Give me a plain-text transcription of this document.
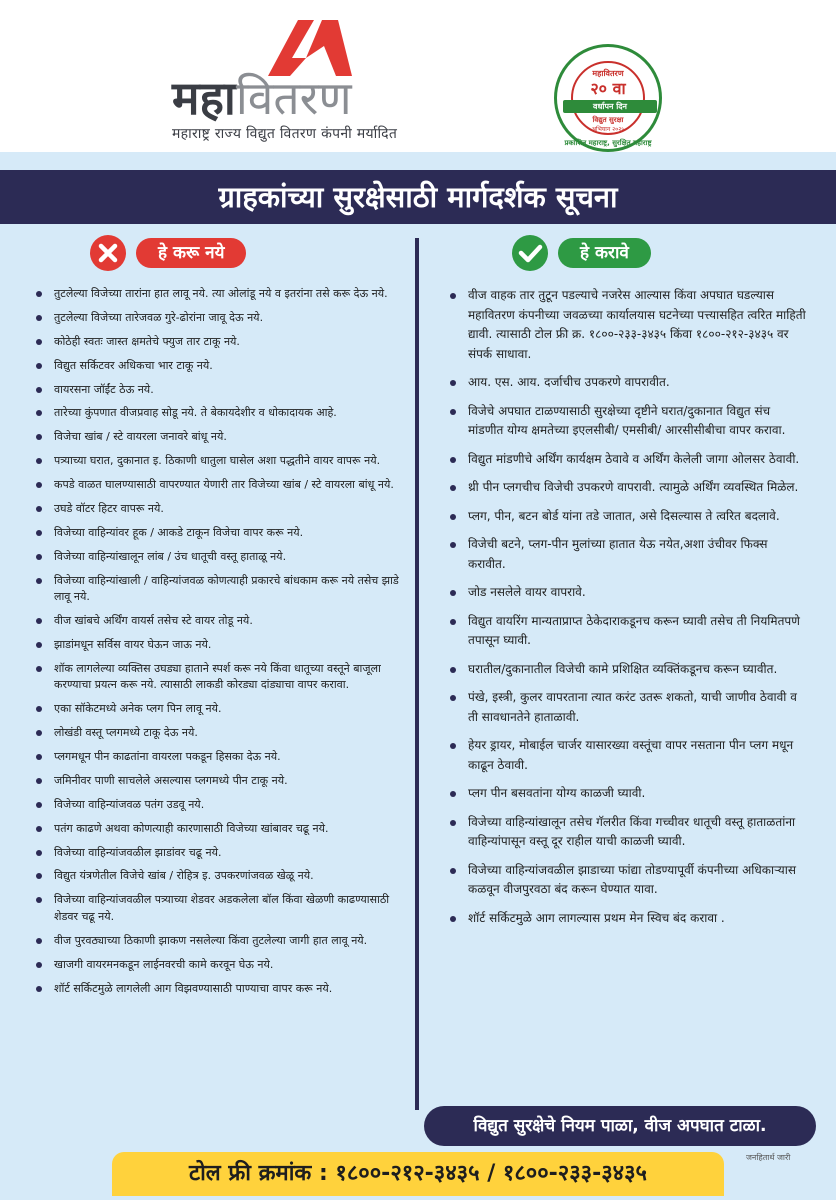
महावितरण
महाराष्ट्र राज्य विद्युत वितरण कंपनी मर्यादित
महावितरण
२० वा
वर्धापन दिन
विद्युत सुरक्षा
अभियान २०२५
प्रकाशित महाराष्ट्र, सुरक्षित महाराष्ट्र
ग्राहकांच्या सुरक्षेसाठी मार्गदर्शक सूचना
हे करू नये	हे करावे
तुटलेल्या विजेच्या तारांना हात लावू नये. त्या ओलांडू नये व इतरांना तसे करू देऊ नये.
तुटलेल्या विजेच्या तारेजवळ गुरे-ढोरांना जावू देऊ नये.
कोठेही स्वतः जास्त क्षमतेचे फ्युज तार टाकू नये.
विद्युत सर्किटवर अधिकचा भार टाकू नये.
वायरसना जॉईंट ठेऊ नये.
तारेच्या कुंपणात वीजप्रवाह सोडू नये. ते बेकायदेशीर व धोकादायक आहे.
विजेचा खांब / स्टे वायरला जनावरे बांधू नये.
पत्र्याच्या घरात, दुकानात इ. ठिकाणी धातुला घासेल अशा पद्धतीने वायर वापरू नये.
कपडे वाळत घालण्यासाठी वापरण्यात येणारी तार विजेच्या खांब / स्टे वायरला बांधू नये.
उघडे वॉटर हिटर वापरू नये.
विजेच्या वाहिन्यांवर हूक / आकडे टाकून विजेचा वापर करू नये.
विजेच्या वाहिन्यांखालून लांब / उंच धातूची वस्तू हाताळू नये.
विजेच्या वाहिन्यांखाली / वाहिन्यांजवळ कोणत्याही प्रकारचे बांधकाम करू नये तसेच झाडे लावू नये.
वीज खांबचे अर्थिंग वायर्स तसेच स्टे वायर तोडू नये.
झाडांमधून सर्विस वायर घेऊन जाऊ नये.
शॉक लागलेल्या व्यक्तिस उघड्या हाताने स्पर्श करू नये किंवा धातूच्या वस्तूने बाजूला करण्याचा प्रयत्न करू नये. त्यासाठी लाकडी कोरड्या दांड्याचा वापर करावा.
एका सॉकेटमध्ये अनेक प्लग पिन लावू नये.
लोखंडी वस्तू प्लगमध्ये टाकू देऊ नये.
प्लगमधून पीन काढतांना वायरला पकडून हिसका देऊ नये.
जमिनीवर पाणी साचलेले असल्यास प्लगमध्ये पीन टाकू नये.
विजेच्या वाहिन्यांजवळ पतंग उडवू नये.
पतंग काढणे अथवा कोणत्याही कारणासाठी विजेच्या खांबावर चढू नये.
विजेच्या वाहिन्यांजवळील झाडांवर चढू नये.
विद्युत यंत्रणेतील विजेचे खांब / रोहित्र इ. उपकरणांजवळ खेळू नये.
विजेच्या वाहिन्यांजवळील पत्र्याच्या शेडवर अडकलेला बॉल किंवा खेळणी काढण्यासाठी शेडवर चढू नये.
वीज पुरवठ्याच्या ठिकाणी झाकण नसलेल्या किंवा तुटलेल्या जागी हात लावू नये.
खाजगी वायरमनकडून लाईनवरची कामे करवून घेऊ नये.
शॉर्ट सर्किटमुळे लागलेली आग विझवण्यासाठी पाण्याचा वापर करू नये.
वीज वाहक तार तुटून पडल्याचे नजरेस आल्यास किंवा अपघात घडल्यास महावितरण कंपनीच्या जवळच्या कार्यालयास घटनेच्या पत्त्यासहित त्वरित माहिती द्यावी. त्यासाठी टोल फ्री क्र. १८००-२३३-३४३५ किंवा १८००-२१२-३४३५ वर संपर्क साधावा.
आय. एस. आय. दर्जाचीच उपकरणे वापरावीत.
विजेचे अपघात टाळण्यासाठी सुरक्षेच्या दृष्टीने घरात/दुकानात विद्युत संच मांडणीत योग्य क्षमतेच्या इएलसीबी/ एमसीबी/ आरसीसीबीचा वापर करावा.
विद्युत मांडणीचे अर्थिंग कार्यक्षम ठेवावे व अर्थिंग केलेली जागा ओलसर ठेवावी.
थ्री पीन प्लगचीच विजेची उपकरणे वापरावी. त्यामुळे अर्थिंग व्यवस्थित मिळेल.
प्लग, पीन, बटन बोर्ड यांना तडे जातात, असे दिसल्यास ते त्वरित बदलावे.
विजेची बटने, प्लग-पीन मुलांच्या हातात येऊ नयेत,अशा उंचीवर फिक्स करावीत.
जोड नसलेले वायर वापरावे.
विद्युत वायरिंग मान्यताप्राप्त ठेकेदाराकडूनच करून घ्यावी तसेच ती नियमितपणे तपासून घ्यावी.
घरातील/दुकानातील विजेची कामे प्रशिक्षित व्यक्तिंकडूनच करून घ्यावीत.
पंखे, इस्त्री, कुलर वापरताना त्यात करंट उतरू शकतो, याची जाणीव ठेवावी व ती सावधानतेने हाताळावी.
हेयर ड्रायर, मोबाईल चार्जर यासारख्या वस्तूंचा वापर नसताना पीन प्लग मधून काढून ठेवावी.
प्लग पीन बसवतांना योग्य काळजी घ्यावी.
विजेच्या वाहिन्यांखालून तसेच गॅलरीत किंवा गच्चीवर धातूची वस्तू हाताळतांना वाहिन्यांपासून वस्तू दूर राहील याची काळजी घ्यावी.
विजेच्या वाहिन्यांजवळील झाडाच्या फांद्या तोडण्यापूर्वी कंपनीच्या अधिकाऱ्यास कळवून वीजपुरवठा बंद करून घेण्यात यावा.
शॉर्ट सर्किटमुळे आग लागल्यास प्रथम मेन स्विच बंद करावा .
विद्युत सुरक्षेचे नियम पाळा, वीज अपघात टाळा.
जनहितार्थ जारी
टोल फ्री क्रमांक : १८००-२१२-३४३५ / १८००-२३३-३४३५
